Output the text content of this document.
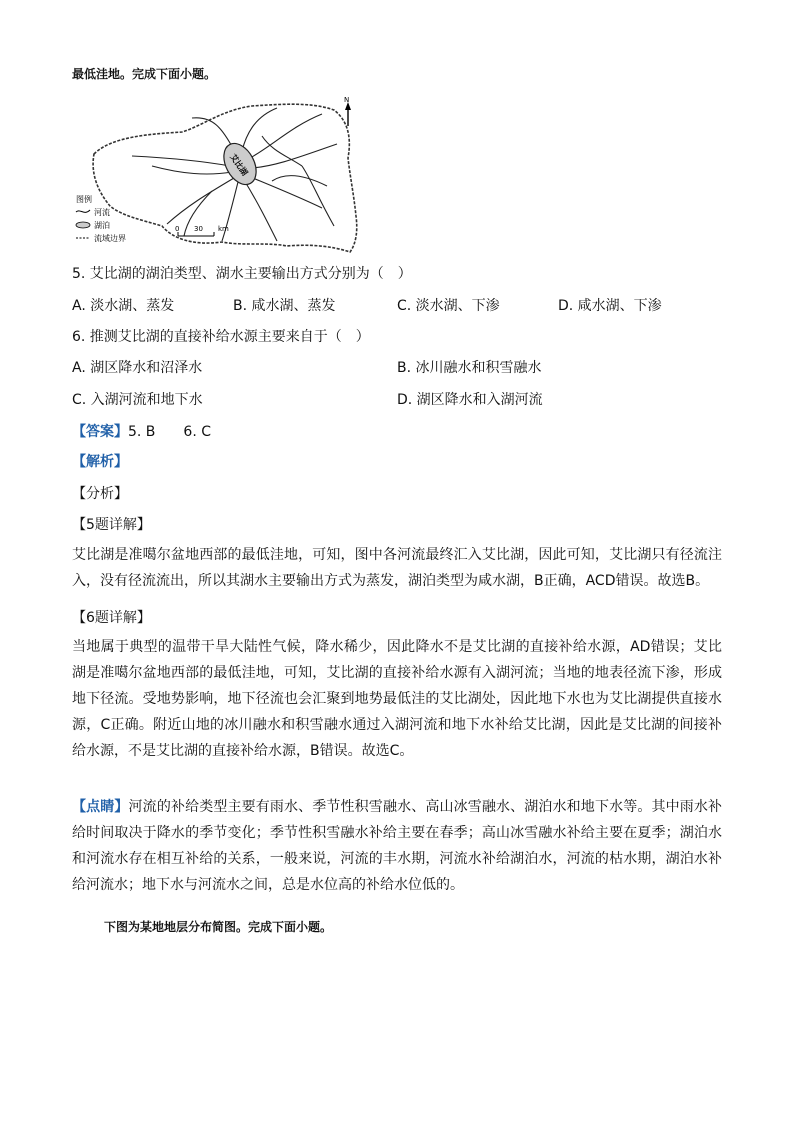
最低洼地。完成下面小题。
艾比湖
N
图例
河流
湖泊
流域边界
0 30 km
5. 艾比湖的湖泊类型、湖水主要输出方式分别为（　）
A. 淡水湖、蒸发	B. 咸水湖、蒸发	C. 淡水湖、下渗	D. 咸水湖、下渗
6. 推测艾比湖的直接补给水源主要来自于（　）
A. 湖区降水和沼泽水	B. 冰川融水和积雪融水
C. 入湖河流和地下水	D. 湖区降水和入湖河流
【答案】5. B　　6. C
【解析】
【分析】
【5题详解】

艾比湖是准噶尔盆地西部的最低洼地，可知，图中各河流最终汇入艾比湖，因此可知，艾比湖只有径流注入，没有径流流出，所以其湖水主要输出方式为蒸发，湖泊类型为咸水湖，B正确，ACD错误。故选B。

【6题详解】

当地属于典型的温带干旱大陆性气候，降水稀少，因此降水不是艾比湖的直接补给水源，AD错误；艾比湖是准噶尔盆地西部的最低洼地，可知，艾比湖的直接补给水源有入湖河流；当地的地表径流下渗，形成地下径流。受地势影响，地下径流也会汇聚到地势最低洼的艾比湖处，因此地下水也为艾比湖提供直接水源，C正确。附近山地的冰川融水和积雪融水通过入湖河流和地下水补给艾比湖，因此是艾比湖的间接补给水源，不是艾比湖的直接补给水源，B错误。故选C。

【点睛】河流的补给类型主要有雨水、季节性积雪融水、高山冰雪融水、湖泊水和地下水等。其中雨水补给时间取决于降水的季节变化；季节性积雪融水补给主要在春季；高山冰雪融水补给主要在夏季；湖泊水和河流水存在相互补给的关系，一般来说，河流的丰水期，河流水补给湖泊水，河流的枯水期，湖泊水补给河流水；地下水与河流水之间，总是水位高的补给水位低的。

下图为某地地层分布简图。完成下面小题。
